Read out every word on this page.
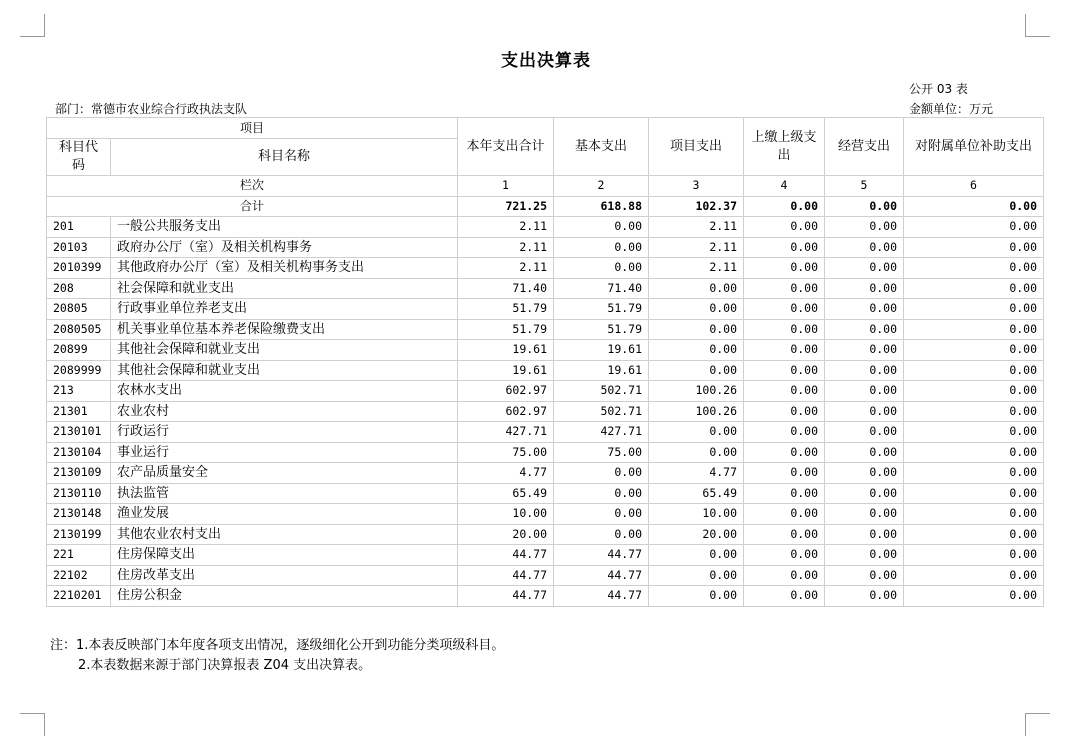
支出决算表
公开 03 表
金额单位：万元
部门：常德市农业综合行政执法支队
项目		本年支出合计	基本支出	项目支出	上缴上级支出	经营支出	对附属单位补助支出
科目代码	科目名称						
栏次		1	2	3	4	5	6
合计		721.25	618.88	102.37	0.00	0.00	0.00
201	一般公共服务支出	2.11	0.00	2.11	0.00	0.00	0.00
20103	政府办公厅（室）及相关机构事务	2.11	0.00	2.11	0.00	0.00	0.00
2010399	其他政府办公厅（室）及相关机构事务支出	2.11	0.00	2.11	0.00	0.00	0.00
208	社会保障和就业支出	71.40	71.40	0.00	0.00	0.00	0.00
20805	行政事业单位养老支出	51.79	51.79	0.00	0.00	0.00	0.00
2080505	机关事业单位基本养老保险缴费支出	51.79	51.79	0.00	0.00	0.00	0.00
20899	其他社会保障和就业支出	19.61	19.61	0.00	0.00	0.00	0.00
2089999	其他社会保障和就业支出	19.61	19.61	0.00	0.00	0.00	0.00
213	农林水支出	602.97	502.71	100.26	0.00	0.00	0.00
21301	农业农村	602.97	502.71	100.26	0.00	0.00	0.00
2130101	行政运行	427.71	427.71	0.00	0.00	0.00	0.00
2130104	事业运行	75.00	75.00	0.00	0.00	0.00	0.00
2130109	农产品质量安全	4.77	0.00	4.77	0.00	0.00	0.00
2130110	执法监管	65.49	0.00	65.49	0.00	0.00	0.00
2130148	渔业发展	10.00	0.00	10.00	0.00	0.00	0.00
2130199	其他农业农村支出	20.00	0.00	20.00	0.00	0.00	0.00
221	住房保障支出	44.77	44.77	0.00	0.00	0.00	0.00
22102	住房改革支出	44.77	44.77	0.00	0.00	0.00	0.00
2210201	住房公积金	44.77	44.77	0.00	0.00	0.00	0.00
注：1.本表反映部门本年度各项支出情况，逐级细化公开到功能分类项级科目。
2.本表数据来源于部门决算报表 Z04 支出决算表。
